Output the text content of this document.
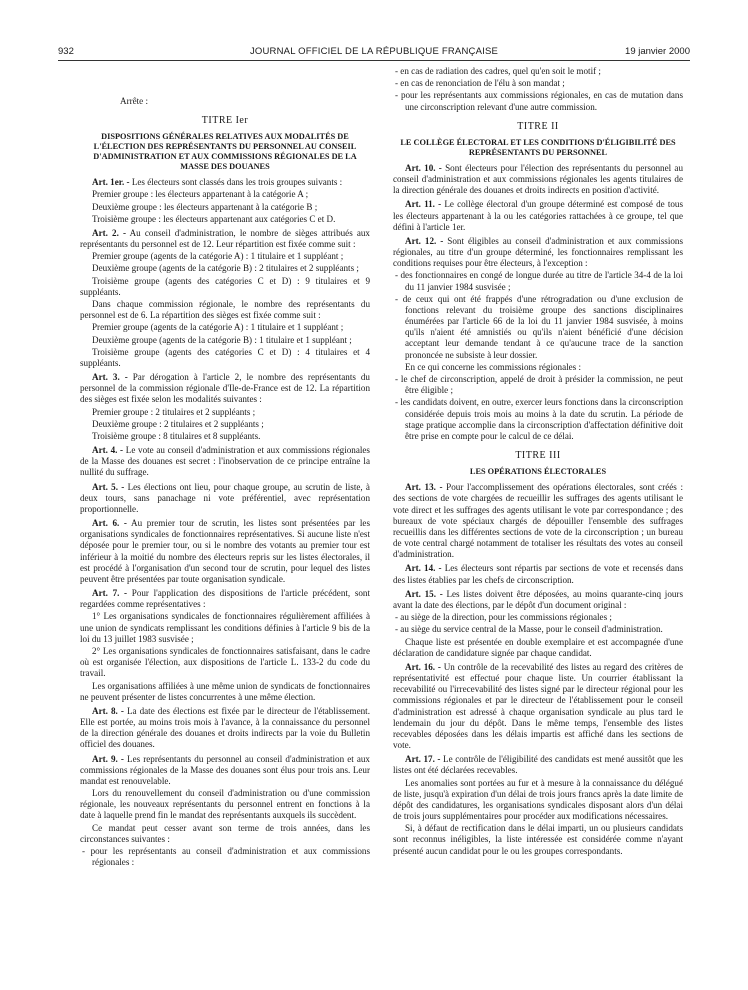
932	JOURNAL OFFICIEL DE LA RÉPUBLIQUE FRANÇAISE	19 janvier 2000

Arrête :

TITRE Ier

DISPOSITIONS GÉNÉRALES RELATIVES AUX MODALITÉS DE L'ÉLECTION DES REPRÉSENTANTS DU PERSONNEL AU CONSEIL D'ADMINISTRATION ET AUX COMMISSIONS RÉGIONALES DE LA MASSE DES DOUANES

Art. 1er. - Les électeurs sont classés dans les trois groupes suivants :

Premier groupe : les électeurs appartenant à la catégorie A ;

Deuxième groupe : les électeurs appartenant à la catégorie B ;

Troisième groupe : les électeurs appartenant aux catégories C et D.

Art. 2. - Au conseil d'administration, le nombre de sièges attribués aux représentants du personnel est de 12. Leur répartition est fixée comme suit :

Premier groupe (agents de la catégorie A) : 1 titulaire et 1 suppléant ;

Deuxième groupe (agents de la catégorie B) : 2 titulaires et 2 suppléants ;

Troisième groupe (agents des catégories C et D) : 9 titulaires et 9 suppléants.

Dans chaque commission régionale, le nombre des représentants du personnel est de 6. La répartition des sièges est fixée comme suit :

Premier groupe (agents de la catégorie A) : 1 titulaire et 1 suppléant ;

Deuxième groupe (agents de la catégorie B) : 1 titulaire et 1 suppléant ;

Troisième groupe (agents des catégories C et D) : 4 titulaires et 4 suppléants.

Art. 3. - Par dérogation à l'article 2, le nombre des représentants du personnel de la commission régionale d'Ile-de-France est de 12. La répartition des sièges est fixée selon les modalités suivantes :

Premier groupe : 2 titulaires et 2 suppléants ;

Deuxième groupe : 2 titulaires et 2 suppléants ;

Troisième groupe : 8 titulaires et 8 suppléants.

Art. 4. - Le vote au conseil d'administration et aux commissions régionales de la Masse des douanes est secret : l'inobservation de ce principe entraîne la nullité du suffrage.

Art. 5. - Les élections ont lieu, pour chaque groupe, au scrutin de liste, à deux tours, sans panachage ni vote préférentiel, avec représentation proportionnelle.

Art. 6. - Au premier tour de scrutin, les listes sont présentées par les organisations syndicales de fonctionnaires représentatives. Si aucune liste n'est déposée pour le premier tour, ou si le nombre des votants au premier tour est inférieur à la moitié du nombre des électeurs repris sur les listes électorales, il est procédé à l'organisation d'un second tour de scrutin, pour lequel des listes peuvent être présentées par toute organisation syndicale.

Art. 7. - Pour l'application des dispositions de l'article précédent, sont regardées comme représentatives :

1° Les organisations syndicales de fonctionnaires régulièrement affiliées à une union de syndicats remplissant les conditions définies à l'article 9 bis de la loi du 13 juillet 1983 susvisée ;

2° Les organisations syndicales de fonctionnaires satisfaisant, dans le cadre où est organisée l'élection, aux dispositions de l'article L. 133-2 du code du travail.

Les organisations affiliées à une même union de syndicats de fonctionnaires ne peuvent présenter de listes concurrentes à une même élection.

Art. 8. - La date des élections est fixée par le directeur de l'établissement. Elle est portée, au moins trois mois à l'avance, à la connaissance du personnel de la direction générale des douanes et droits indirects par la voie du Bulletin officiel des douanes.

Art. 9. - Les représentants du personnel au conseil d'administration et aux commissions régionales de la Masse des douanes sont élus pour trois ans. Leur mandat est renouvelable.

Lors du renouvellement du conseil d'administration ou d'une commission régionale, les nouveaux représentants du personnel entrent en fonctions à la date à laquelle prend fin le mandat des représentants auxquels ils succèdent.

Ce mandat peut cesser avant son terme de trois années, dans les circonstances suivantes :

- pour les représentants au conseil d'administration et aux commissions régionales :

- en cas de radiation des cadres, quel qu'en soit le motif ;

- en cas de renonciation de l'élu à son mandat ;

- pour les représentants aux commissions régionales, en cas de mutation dans une circonscription relevant d'une autre commission.

TITRE II

LE COLLÈGE ÉLECTORAL ET LES CONDITIONS D'ÉLIGIBILITÉ DES REPRÉSENTANTS DU PERSONNEL

Art. 10. - Sont électeurs pour l'élection des représentants du personnel au conseil d'administration et aux commissions régionales les agents titulaires de la direction générale des douanes et droits indirects en position d'activité.

Art. 11. - Le collège électoral d'un groupe déterminé est composé de tous les électeurs appartenant à la ou les catégories rattachées à ce groupe, tel que défini à l'article 1er.

Art. 12. - Sont éligibles au conseil d'administration et aux commissions régionales, au titre d'un groupe déterminé, les fonctionnaires remplissant les conditions requises pour être électeurs, à l'exception :

- des fonctionnaires en congé de longue durée au titre de l'article 34-4 de la loi du 11 janvier 1984 susvisée ;

- de ceux qui ont été frappés d'une rétrogradation ou d'une exclusion de fonctions relevant du troisième groupe des sanctions disciplinaires énumérées par l'article 66 de la loi du 11 janvier 1984 susvisée, à moins qu'ils n'aient été amnistiés ou qu'ils n'aient bénéficié d'une décision acceptant leur demande tendant à ce qu'aucune trace de la sanction prononcée ne subsiste à leur dossier.

En ce qui concerne les commissions régionales :

- le chef de circonscription, appelé de droit à présider la commission, ne peut être éligible ;

- les candidats doivent, en outre, exercer leurs fonctions dans la circonscription considérée depuis trois mois au moins à la date du scrutin. La période de stage pratique accomplie dans la circonscription d'affectation définitive doit être prise en compte pour le calcul de ce délai.

TITRE III

LES OPÉRATIONS ÉLECTORALES

Art. 13. - Pour l'accomplissement des opérations électorales, sont créés : des sections de vote chargées de recueillir les suffrages des agents utilisant le vote direct et les suffrages des agents utilisant le vote par correspondance ; des bureaux de vote spéciaux chargés de dépouiller l'ensemble des suffrages recueillis dans les différentes sections de vote de la circonscription ; un bureau de vote central chargé notamment de totaliser les résultats des votes au conseil d'administration.

Art. 14. - Les électeurs sont répartis par sections de vote et recensés dans des listes établies par les chefs de circonscription.

Art. 15. - Les listes doivent être déposées, au moins quarante-cinq jours avant la date des élections, par le dépôt d'un document original :

- au siège de la direction, pour les commissions régionales ;

- au siège du service central de la Masse, pour le conseil d'administration.

Chaque liste est présentée en double exemplaire et est accompagnée d'une déclaration de candidature signée par chaque candidat.

Art. 16. - Un contrôle de la recevabilité des listes au regard des critères de représentativité est effectué pour chaque liste. Un courrier établissant la recevabilité ou l'irrecevabilité des listes signé par le directeur régional pour les commissions régionales et par le directeur de l'établissement pour le conseil d'administration est adressé à chaque organisation syndicale au plus tard le lendemain du jour du dépôt. Dans le même temps, l'ensemble des listes recevables déposées dans les délais impartis est affiché dans les sections de vote.

Art. 17. - Le contrôle de l'éligibilité des candidats est mené aussitôt que les listes ont été déclarées recevables.

Les anomalies sont portées au fur et à mesure à la connaissance du délégué de liste, jusqu'à expiration d'un délai de trois jours francs après la date limite de dépôt des candidatures, les organisations syndicales disposant alors d'un délai de trois jours supplémentaires pour procéder aux modifications nécessaires.

Si, à défaut de rectification dans le délai imparti, un ou plusieurs candidats sont reconnus inéligibles, la liste intéressée est considérée comme n'ayant présenté aucun candidat pour le ou les groupes correspondants.
